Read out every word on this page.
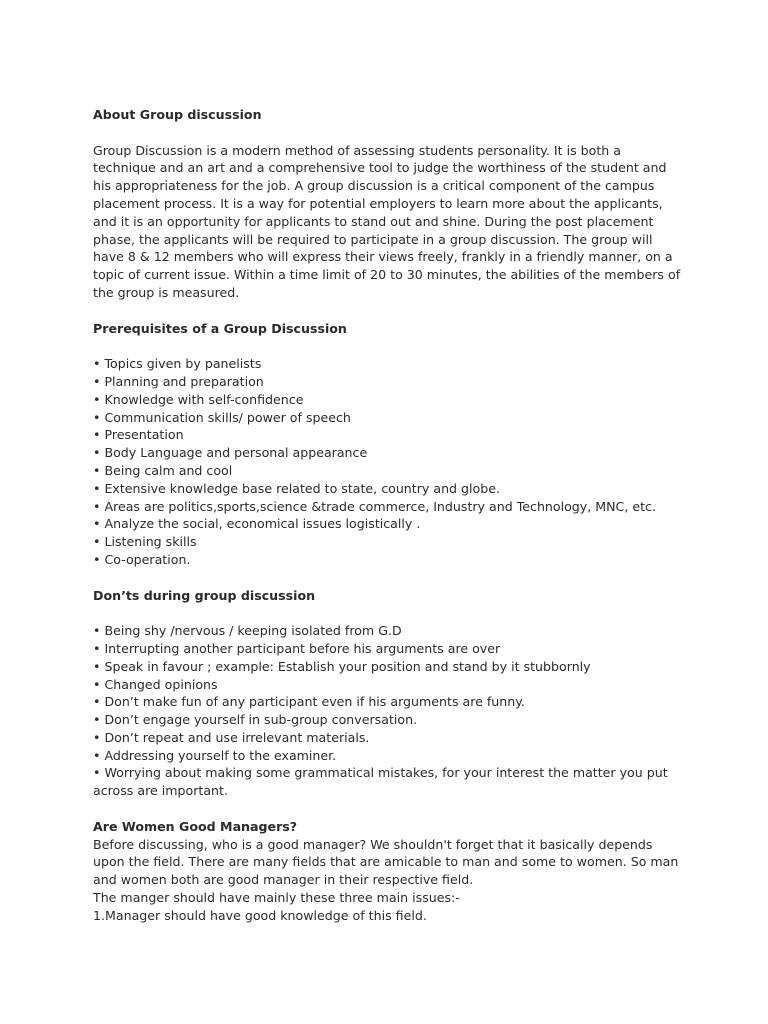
About Group discussion

Group Discussion is a modern method of assessing students personality. It is both a technique and an art and a comprehensive tool to judge the worthiness of the student and his appropriateness for the job. A group discussion is a critical component of the campus placement process. It is a way for potential employers to learn more about the applicants, and it is an opportunity for applicants to stand out and shine. During the post placement phase, the applicants will be required to participate in a group discussion. The group will have 8 & 12 members who will express their views freely, frankly in a friendly manner, on a topic of current issue. Within a time limit of 20 to 30 minutes, the abilities of the members of the group is measured.

Prerequisites of a Group Discussion

• Topics given by panelists
• Planning and preparation
• Knowledge with self-confidence
• Communication skills/ power of speech
• Presentation
• Body Language and personal appearance
• Being calm and cool
• Extensive knowledge base related to state, country and globe.
• Areas are politics,sports,science &trade commerce, Industry and Technology, MNC, etc.
• Analyze the social, economical issues logistically .
• Listening skills
• Co-operation.

Don’ts during group discussion

• Being shy /nervous / keeping isolated from G.D
• Interrupting another participant before his arguments are over
• Speak in favour ; example: Establish your position and stand by it stubbornly
• Changed opinions
• Don’t make fun of any participant even if his arguments are funny.
• Don’t engage yourself in sub-group conversation.
• Don’t repeat and use irrelevant materials.
• Addressing yourself to the examiner.
• Worrying about making some grammatical mistakes, for your interest the matter you put across are important.

Are Women Good Managers?

Before discussing, who is a good manager? We shouldn't forget that it basically depends upon the field. There are many fields that are amicable to man and some to women. So man and women both are good manager in their respective field.

The manger should have mainly these three main issues:-

1.Manager should have good knowledge of this field.
